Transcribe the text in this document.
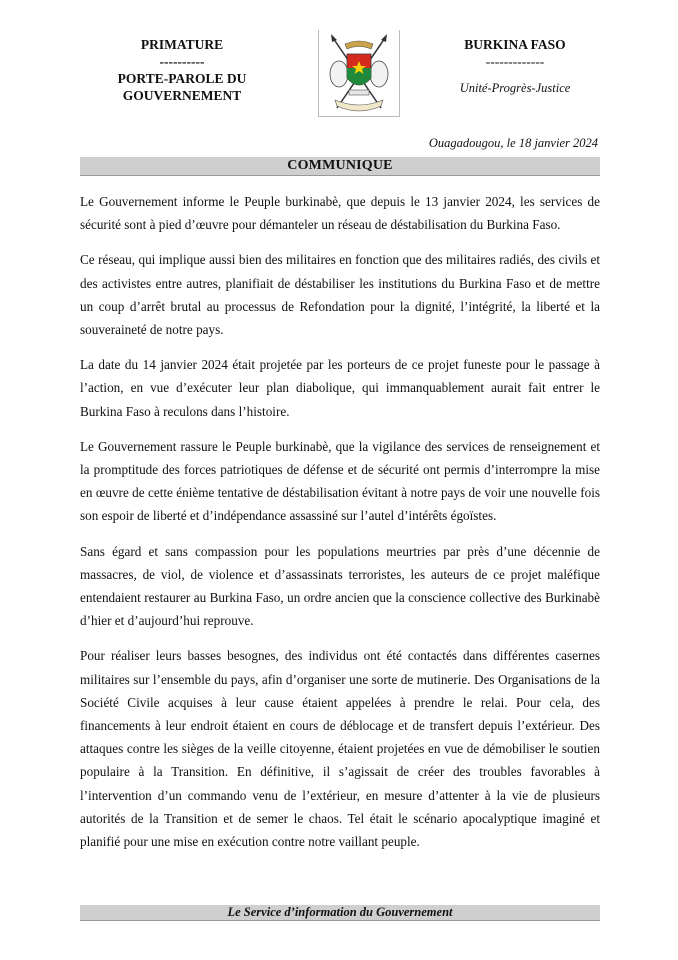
PRIMATURE
----------
PORTE-PAROLE DU
GOUVERNEMENT
BURKINA FASO
-------------
Unité-Progrès-Justice
Ouagadougou, le 18 janvier 2024
COMMUNIQUE

Le Gouvernement informe le Peuple burkinabè, que depuis le 13 janvier 2024, les services de sécurité sont à pied d’œuvre pour démanteler un réseau de déstabilisation du Burkina Faso.

Ce réseau, qui implique aussi bien des militaires en fonction que des militaires radiés, des civils et des activistes entre autres, planifiait de déstabiliser les institutions du Burkina Faso et de mettre un coup d’arrêt brutal au processus de Refondation pour la dignité, l’intégrité, la liberté et la souveraineté de notre pays.

La date du 14 janvier 2024 était projetée par les porteurs de ce projet funeste pour le passage à l’action, en vue d’exécuter leur plan diabolique, qui immanquablement aurait fait entrer le Burkina Faso à reculons dans l’histoire.

Le Gouvernement rassure le Peuple burkinabè, que la vigilance des services de renseignement et la promptitude des forces patriotiques de défense et de sécurité ont permis d’interrompre la mise en œuvre de cette énième tentative de déstabilisation évitant à notre pays de voir une nouvelle fois son espoir de liberté et d’indépendance assassiné sur l’autel d’intérêts égoïstes.

Sans égard et sans compassion pour les populations meurtries par près d’une décennie de massacres, de viol, de violence et d’assassinats terroristes, les auteurs de ce projet maléfique entendaient restaurer au Burkina Faso, un ordre ancien que la conscience collective des Burkinabè d’hier et d’aujourd’hui reprouve.

Pour réaliser leurs basses besognes, des individus ont été contactés dans différentes casernes militaires sur l’ensemble du pays, afin d’organiser une sorte de mutinerie. Des Organisations de la Société Civile acquises à leur cause étaient appelées à prendre le relai. Pour cela, des financements à leur endroit étaient en cours de déblocage et de transfert depuis l’extérieur. Des attaques contre les sièges de la veille citoyenne, étaient projetées en vue de démobiliser le soutien populaire à la Transition. En définitive, il s’agissait de créer des troubles favorables à l’intervention d’un commando venu de l’extérieur, en mesure d’attenter à la vie de plusieurs autorités de la Transition et de semer le chaos. Tel était le scénario apocalyptique imaginé et planifié pour une mise en exécution contre notre vaillant peuple.

Le Service d’information du Gouvernement
